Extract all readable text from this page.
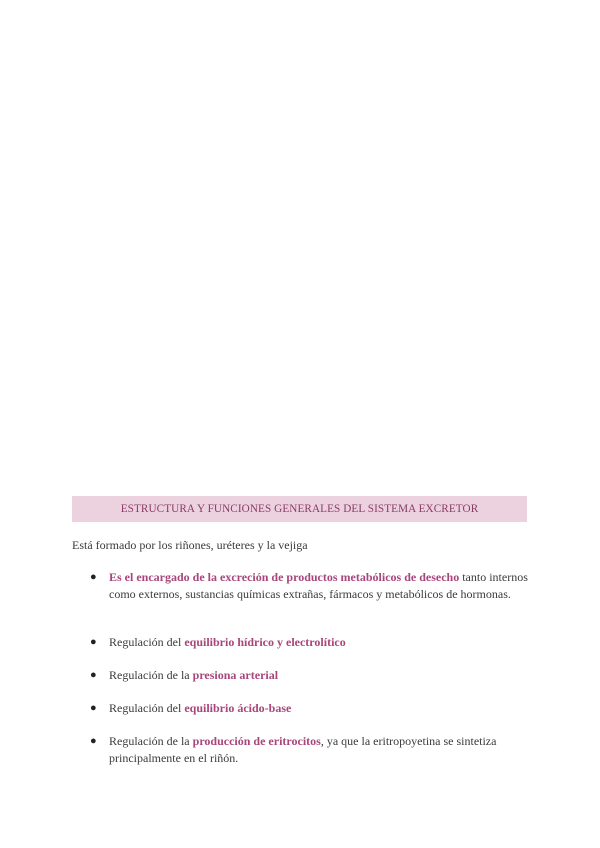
ESTRUCTURA Y FUNCIONES GENERALES DEL SISTEMA EXCRETOR
Está formado por los riñones, uréteres y la vejiga
●	Es el encargado de la excreción de productos metabólicos de desecho tanto internos como externos, sustancias químicas extrañas, fármacos y metabólicos de hormonas.
●	Regulación del equilibrio hídrico y electrolítico
●	Regulación de la presiona arterial
●	Regulación del equilibrio ácido-base
●	Regulación de la producción de eritrocitos, ya que la eritropoyetina se sintetiza principalmente en el riñón.
